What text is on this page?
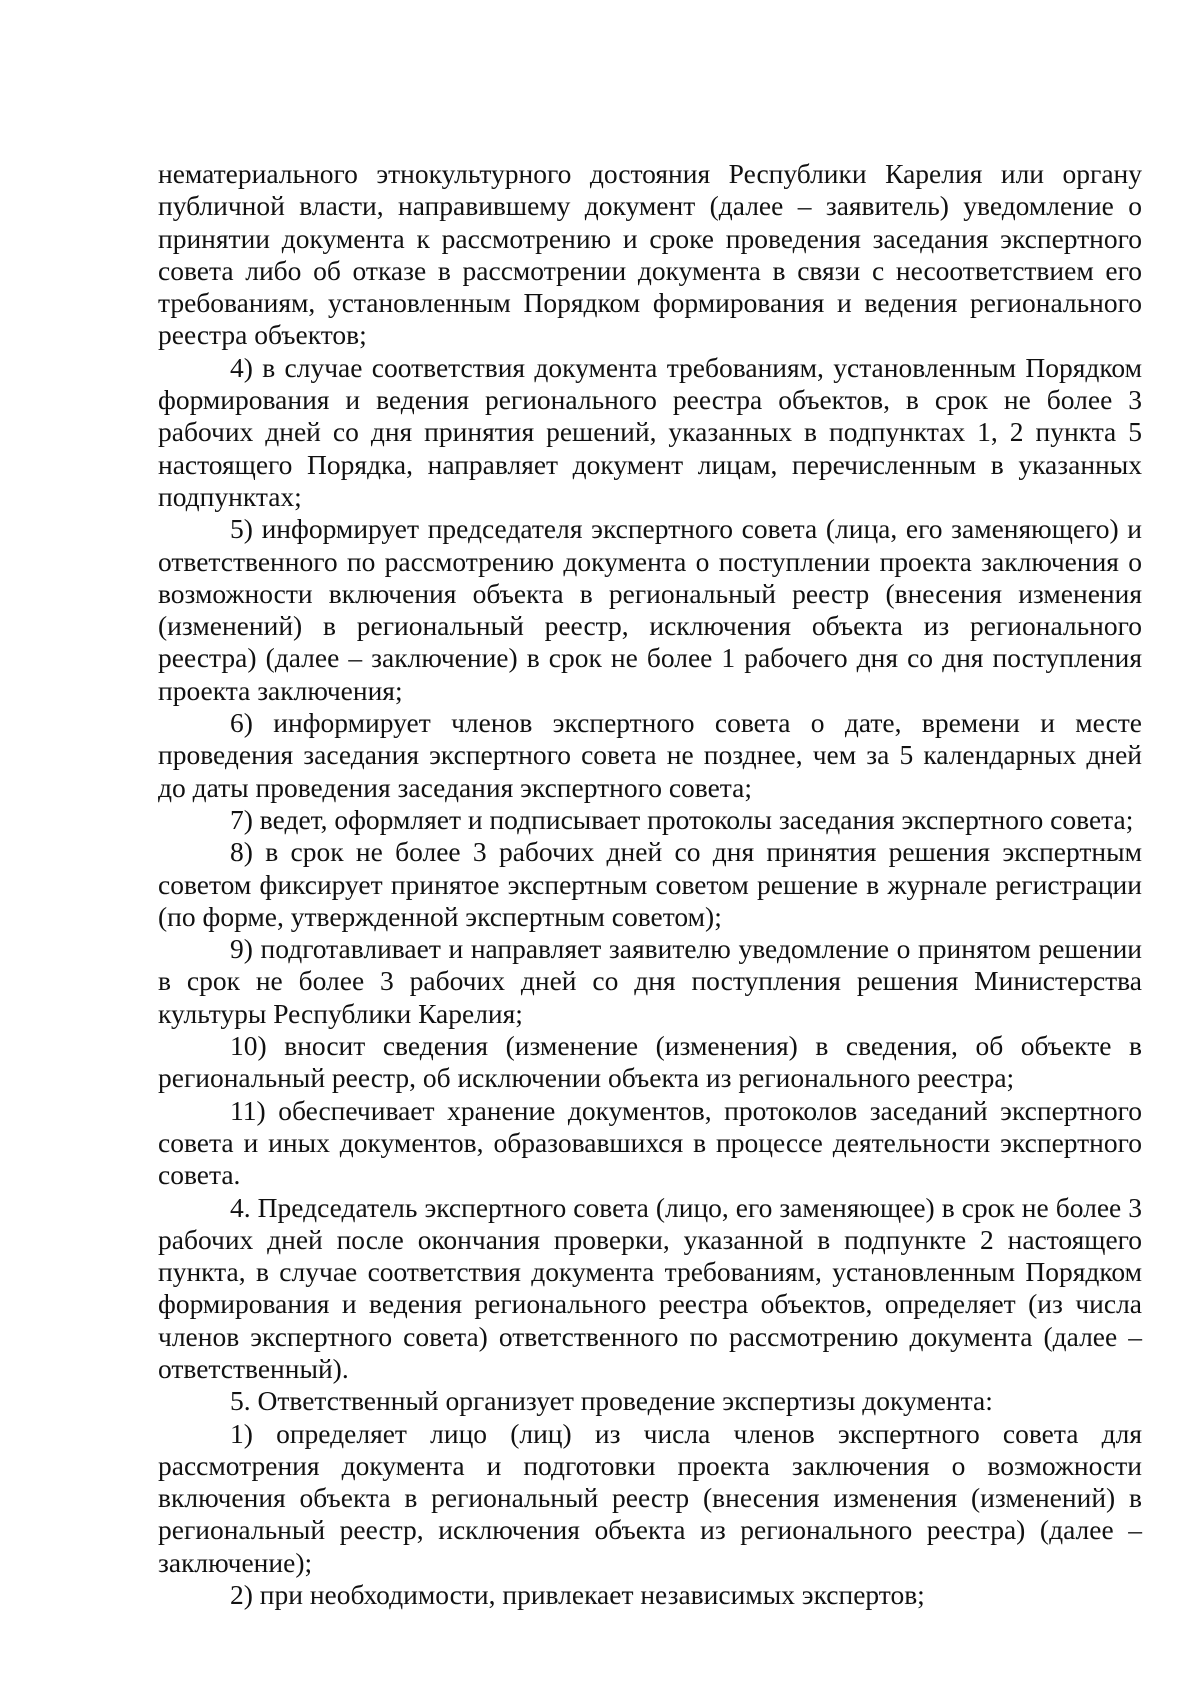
нематериального этнокультурного достояния Республики Карелия или органу публичной власти, направившему документ (далее – заявитель) уведомление о принятии документа к рассмотрению и сроке проведения заседания экспертного совета либо об отказе в рассмотрении документа в связи с несоответствием его требованиям, установленным Порядком формирования и ведения регионального реестра объектов;

4) в случае соответствия документа требованиям, установленным Порядком формирования и ведения регионального реестра объектов, в срок не более 3 рабочих дней со дня принятия решений, указанных в подпунктах 1, 2 пункта 5 настоящего Порядка, направляет документ лицам, перечисленным в указанных подпунктах;

5) информирует председателя экспертного совета (лица, его заменяющего) и ответственного по рассмотрению документа о поступлении проекта заключения о возможности включения объекта в региональный реестр (внесения изменения (изменений) в региональный реестр, исключения объекта из регионального реестра) (далее – заключение) в срок не более 1 рабочего дня со дня поступления проекта заключения;

6) информирует членов экспертного совета о дате, времени и месте проведения заседания экспертного совета не позднее, чем за 5 календарных дней до даты проведения заседания экспертного совета;

7) ведет, оформляет и подписывает протоколы заседания экспертного совета;

8) в срок не более 3 рабочих дней со дня принятия решения экспертным советом фиксирует принятое экспертным советом решение в журнале регистрации (по форме, утвержденной экспертным советом);

9) подготавливает и направляет заявителю уведомление о принятом решении в срок не более 3 рабочих дней со дня поступления решения Министерства культуры Республики Карелия;

10) вносит сведения (изменение (изменения) в сведения, об объекте в региональный реестр, об исключении объекта из регионального реестра;

11) обеспечивает хранение документов, протоколов заседаний экспертного совета и иных документов, образовавшихся в процессе деятельности экспертного совета.

4. Председатель экспертного совета (лицо, его заменяющее) в срок не более 3 рабочих дней после окончания проверки, указанной в подпункте 2 настоящего пункта, в случае соответствия документа требованиям, установленным Порядком формирования и ведения регионального реестра объектов, определяет (из числа членов экспертного совета) ответственного по рассмотрению документа (далее – ответственный).

5. Ответственный организует проведение экспертизы документа:

1) определяет лицо (лиц) из числа членов экспертного совета для рассмотрения документа и подготовки проекта заключения о возможности включения объекта в региональный реестр (внесения изменения (изменений) в региональный реестр, исключения объекта из регионального реестра) (далее – заключение);

2) при необходимости, привлекает независимых экспертов;
